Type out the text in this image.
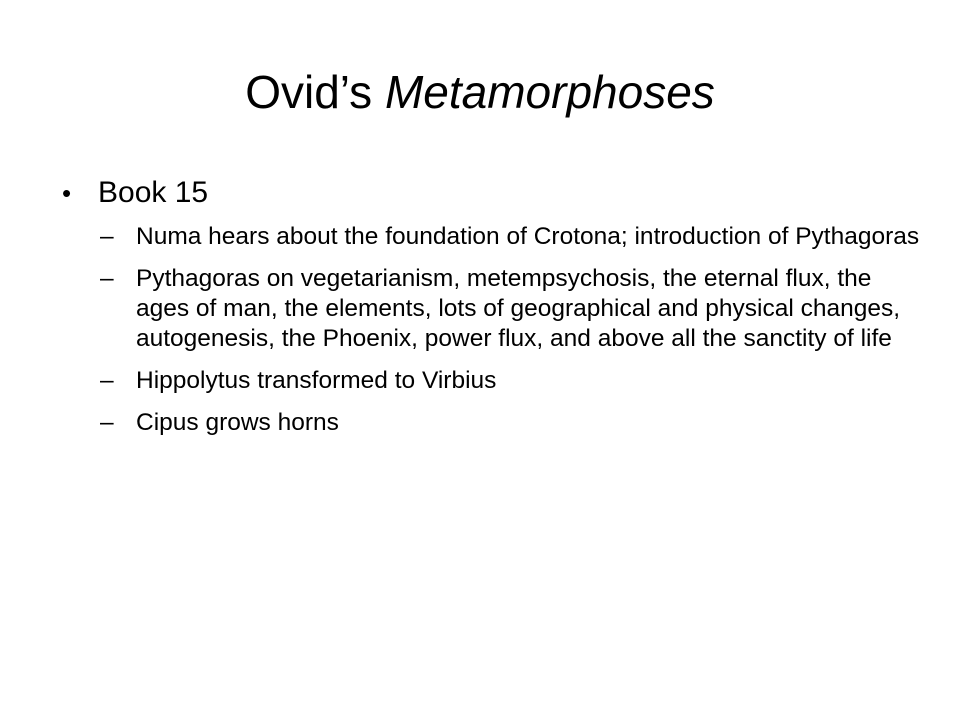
Ovid’s Metamorphoses
• Book 15
– Numa hears about the foundation of Crotona; introduction of Pythagoras
– Pythagoras on vegetarianism, metempsychosis, the eternal flux, the ages of man, the elements, lots of geographical and physical changes, autogenesis, the Phoenix, power flux, and above all the sanctity of life
– Hippolytus transformed to Virbius
– Cipus grows horns
